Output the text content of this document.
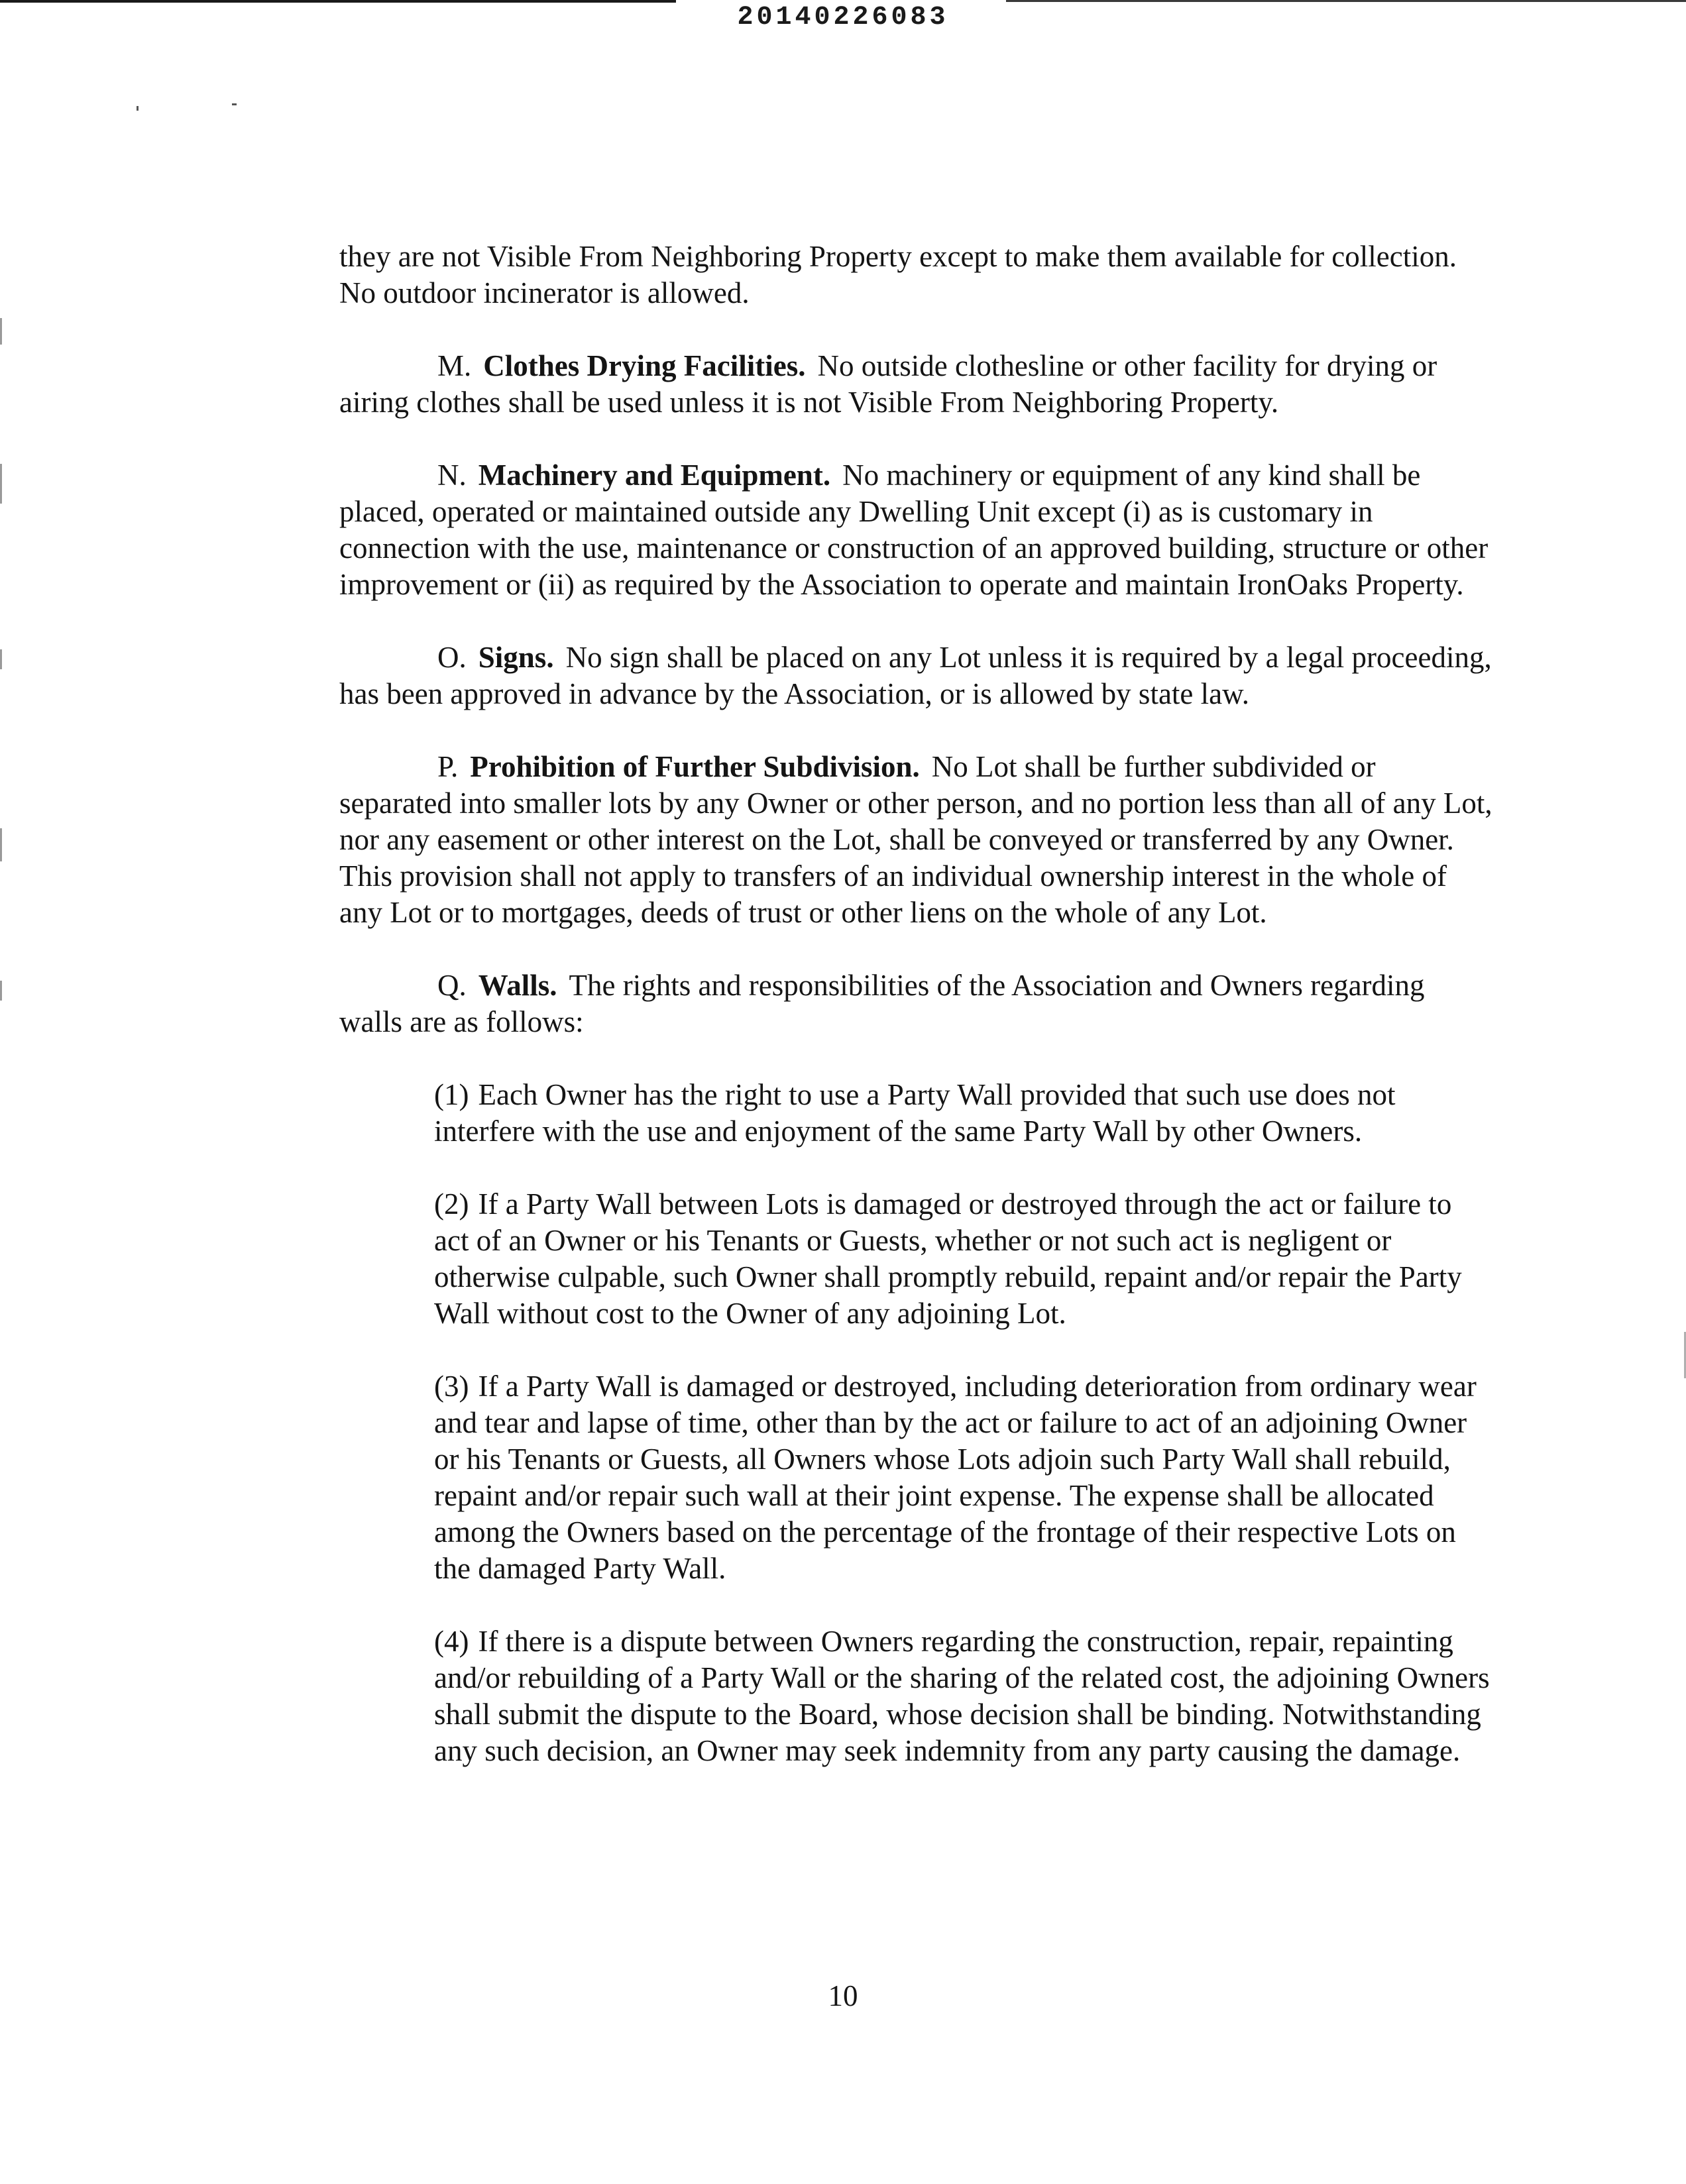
20140226083

they are not Visible From Neighboring Property except to make them available for collection. No outdoor incinerator is allowed.

M. Clothes Drying Facilities. No outside clothesline or other facility for drying or airing clothes shall be used unless it is not Visible From Neighboring Property.

N. Machinery and Equipment. No machinery or equipment of any kind shall be placed, operated or maintained outside any Dwelling Unit except (i) as is customary in connection with the use, maintenance or construction of an approved building, structure or other improvement or (ii) as required by the Association to operate and maintain IronOaks Property.

O. Signs. No sign shall be placed on any Lot unless it is required by a legal proceeding, has been approved in advance by the Association, or is allowed by state law.

P. Prohibition of Further Subdivision. No Lot shall be further subdivided or separated into smaller lots by any Owner or other person, and no portion less than all of any Lot, nor any easement or other interest on the Lot, shall be conveyed or transferred by any Owner. This provision shall not apply to transfers of an individual ownership interest in the whole of any Lot or to mortgages, deeds of trust or other liens on the whole of any Lot.

Q. Walls. The rights and responsibilities of the Association and Owners regarding walls are as follows:

(1) Each Owner has the right to use a Party Wall provided that such use does not interfere with the use and enjoyment of the same Party Wall by other Owners.

(2) If a Party Wall between Lots is damaged or destroyed through the act or failure to act of an Owner or his Tenants or Guests, whether or not such act is negligent or otherwise culpable, such Owner shall promptly rebuild, repaint and/or repair the Party Wall without cost to the Owner of any adjoining Lot.

(3) If a Party Wall is damaged or destroyed, including deterioration from ordinary wear and tear and lapse of time, other than by the act or failure to act of an adjoining Owner or his Tenants or Guests, all Owners whose Lots adjoin such Party Wall shall rebuild, repaint and/or repair such wall at their joint expense. The expense shall be allocated among the Owners based on the percentage of the frontage of their respective Lots on the damaged Party Wall.

(4) If there is a dispute between Owners regarding the construction, repair, repainting and/or rebuilding of a Party Wall or the sharing of the related cost, the adjoining Owners shall submit the dispute to the Board, whose decision shall be binding. Notwithstanding any such decision, an Owner may seek indemnity from any party causing the damage.

10
